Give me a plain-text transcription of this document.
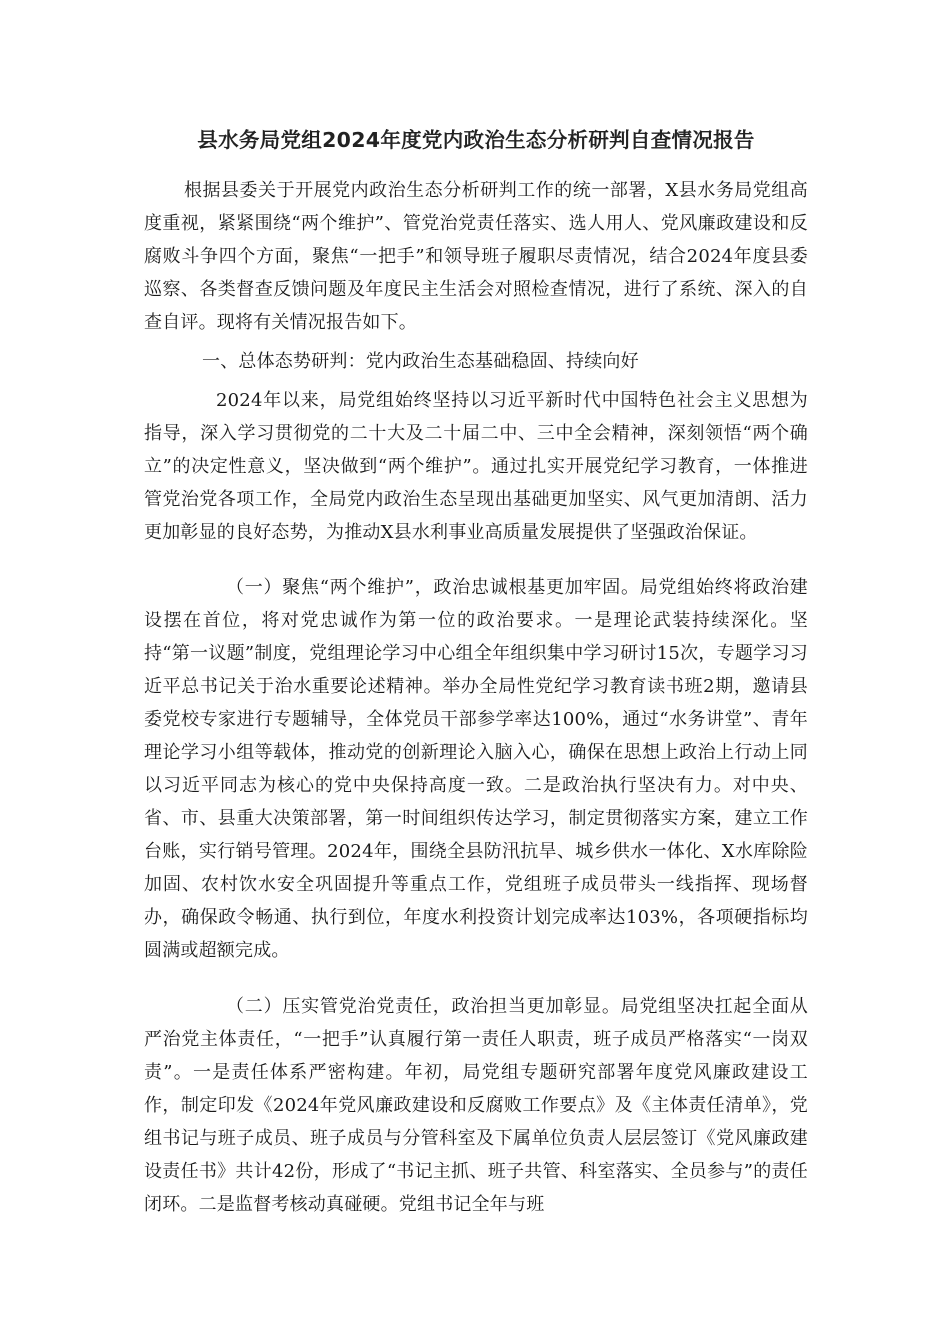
县水务局党组2024年度党内政治生态分析研判自查情况报告

根据县委关于开展党内政治生态分析研判工作的统一部署，X县水务局党组高度重视，紧紧围绕“两个维护”、管党治党责任落实、选人用人、党风廉政建设和反腐败斗争四个方面，聚焦“一把手”和领导班子履职尽责情况，结合2024年度县委巡察、各类督查反馈问题及年度民主生活会对照检查情况，进行了系统、深入的自查自评。现将有关情况报告如下。

一、总体态势研判：党内政治生态基础稳固、持续向好

2024年以来，局党组始终坚持以习近平新时代中国特色社会主义思想为指导，深入学习贯彻党的二十大及二十届二中、三中全会精神，深刻领悟“两个确立”的决定性意义，坚决做到“两个维护”。通过扎实开展党纪学习教育，一体推进管党治党各项工作，全局党内政治生态呈现出基础更加坚实、风气更加清朗、活力更加彰显的良好态势，为推动X县水利事业高质量发展提供了坚强政治保证。

（一）聚焦“两个维护”，政治忠诚根基更加牢固。局党组始终将政治建设摆在首位，将对党忠诚作为第一位的政治要求。一是理论武装持续深化。坚持“第一议题”制度，党组理论学习中心组全年组织集中学习研讨15次，专题学习习近平总书记关于治水重要论述精神。举办全局性党纪学习教育读书班2期，邀请县委党校专家进行专题辅导，全体党员干部参学率达100%，通过“水务讲堂”、青年理论学习小组等载体，推动党的创新理论入脑入心，确保在思想上政治上行动上同以习近平同志为核心的党中央保持高度一致。二是政治执行坚决有力。对中央、省、市、县重大决策部署，第一时间组织传达学习，制定贯彻落实方案，建立工作台账，实行销号管理。2024年，围绕全县防汛抗旱、城乡供水一体化、X水库除险加固、农村饮水安全巩固提升等重点工作，党组班子成员带头一线指挥、现场督办，确保政令畅通、执行到位，年度水利投资计划完成率达103%，各项硬指标均圆满或超额完成。

（二）压实管党治党责任，政治担当更加彰显。局党组坚决扛起全面从严治党主体责任，“一把手”认真履行第一责任人职责，班子成员严格落实“一岗双责”。一是责任体系严密构建。年初，局党组专题研究部署年度党风廉政建设工作，制定印发《2024年党风廉政建设和反腐败工作要点》及《主体责任清单》，党组书记与班子成员、班子成员与分管科室及下属单位负责人层层签订《党风廉政建设责任书》共计42份，形成了“书记主抓、班子共管、科室落实、全员参与”的责任闭环。二是监督考核动真碰硬。党组书记全年与班
